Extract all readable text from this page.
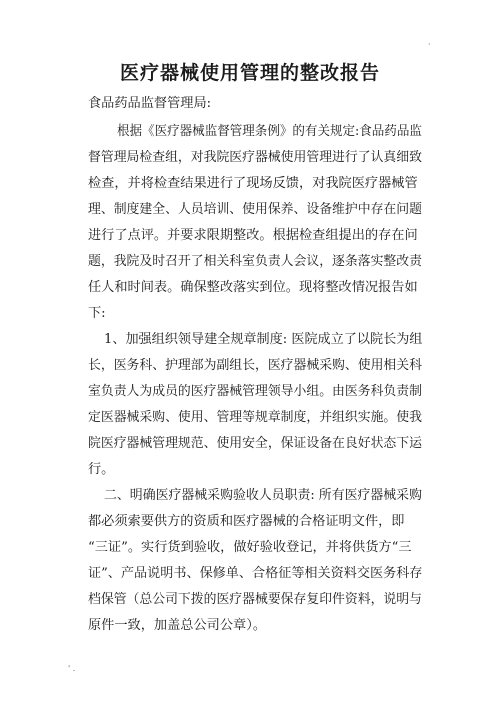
·
医疗器械使用管理的整改报告
食品药品监督管理局:
根据《医疗器械监督管理条例》的有关规定:食品药品监
督管理局检查组，对我院医疗器械使用管理进行了认真细致
检查，并将检查结果进行了现场反馈，对我院医疗器械管
理、制度建全、人员培训、使用保养、设备维护中存在问题
进行了点评。并要求限期整改。根据检查组提出的存在问
题，我院及时召开了相关科室负责人会议，逐条落实整改责
任人和时间表。确保整改落实到位。现将整改情况报告如
下:
1、加强组织领导建全规章制度: 医院成立了以院长为组
长，医务科、护理部为副组长，医疗器械采购、使用相关科
室负责人为成员的医疗器械管理领导小组。由医务科负责制
定医器械采购、使用、管理等规章制度，并组织实施。使我
院医疗器械管理规范、使用安全，保证设备在良好状态下运
行。
二、明确医疗器械采购验收人员职责: 所有医疗器械采购
都必须索要供方的资质和医疗器械的合格证明文件，即
“三证”。实行货到验收，做好验收登记，并将供货方“三
证”、产品说明书、保修单、合格征等相关资料交医务科存
档保管（总公司下拨的医疗器械要保存复印件资料，说明与
原件一致，加盖总公司公章）。
' .
